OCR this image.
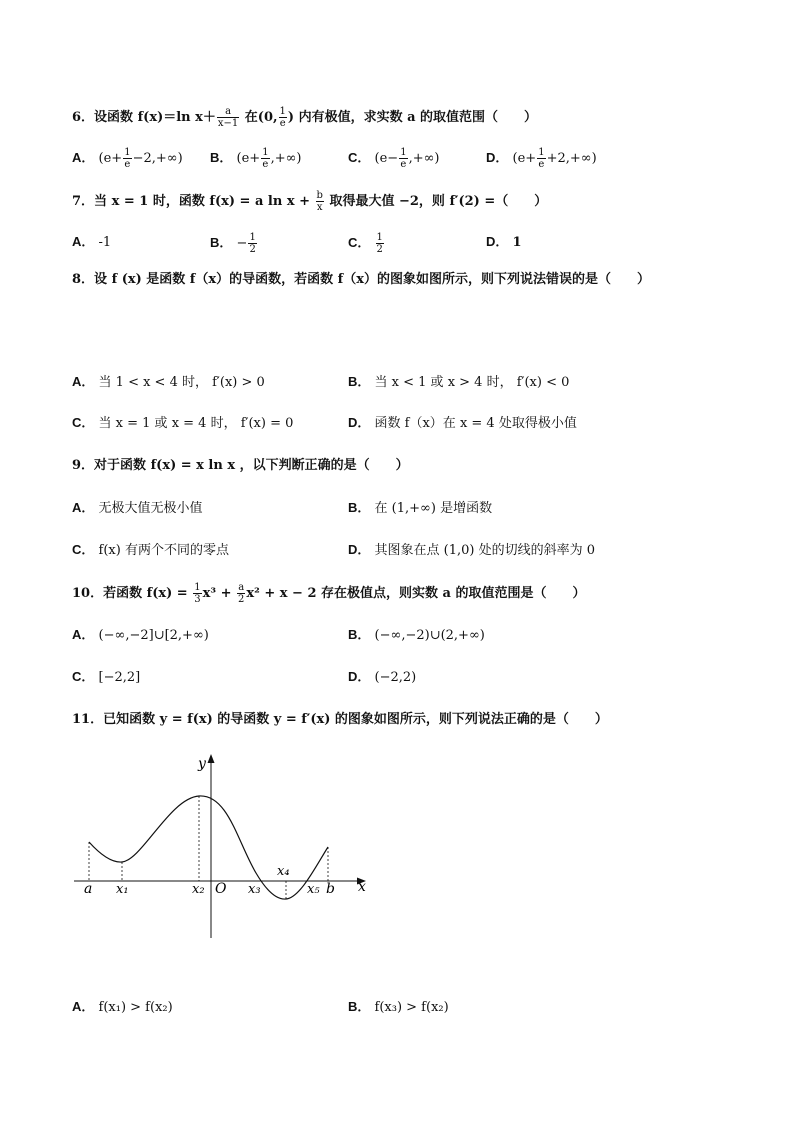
6．设函数 f(x)＝ln $x+ \frac{a}{x-1}$ 在(0, $\frac{1}{e}$ ) 内有极值，求实数 a 的取值范围（　　）
A． $(e+ \frac{1}{e} -2,+\infty)$ B． ($e+ \frac{1}{e}$ ,+∞)	C． ($e- \frac{1}{e}$ ,+∞)	D． $(e+ \frac{1}{e} +2,+\infty)$
7．当 x = 1 时，函数 f(x) = a $\ln x + \frac{b}{x}$ 取得最大值 −2，则 f′(2) =（　　）
A． -1	B． − $\frac{1}{2}$	C． $\frac{1}{2}$	D． 1
8．设 f (x) 是函数 f（x）的导函数，若函数 f（x）的图象如图所示，则下列说法错误的是（　　）
A． 当 1 < x < 4 时， f′(x) > 0	B． 当 x < 1 或 x > 4 时， f′(x) < 0
C． 当 x = 1 或 x = 4 时， f′(x) = 0	D． 函数 f（x）在 x = 4 处取得极小值
9．对于函数 f(x) = x ln x ，以下判断正确的是（　　）
A． 无极大值无极小值	B． 在 (1,+∞) 是增函数
C． f(x) 有两个不同的零点	D． 其图象在点 (1,0) 处的切线的斜率为 0
10．若函数 $f(x) = \frac{1}{3} x^3 + \frac{a}{2} x^2 + x - 2$ 存在极值点，则实数 a 的取值范围是（　　）
A． (−∞,−2]∪[2,+∞)	B． (−∞,−2)∪(2,+∞)
C． [−2,2]	D． (−2,2)
11．已知函数 y = f(x) 的导函数 y = f′(x) 的图象如图所示，则下列说法正确的是（　　）
y
x
a x₁	x₂ O x₃
x₄
x₅ b
A． f(x₁) > f(x₂)	B． f(x₃) > f(x₂)
